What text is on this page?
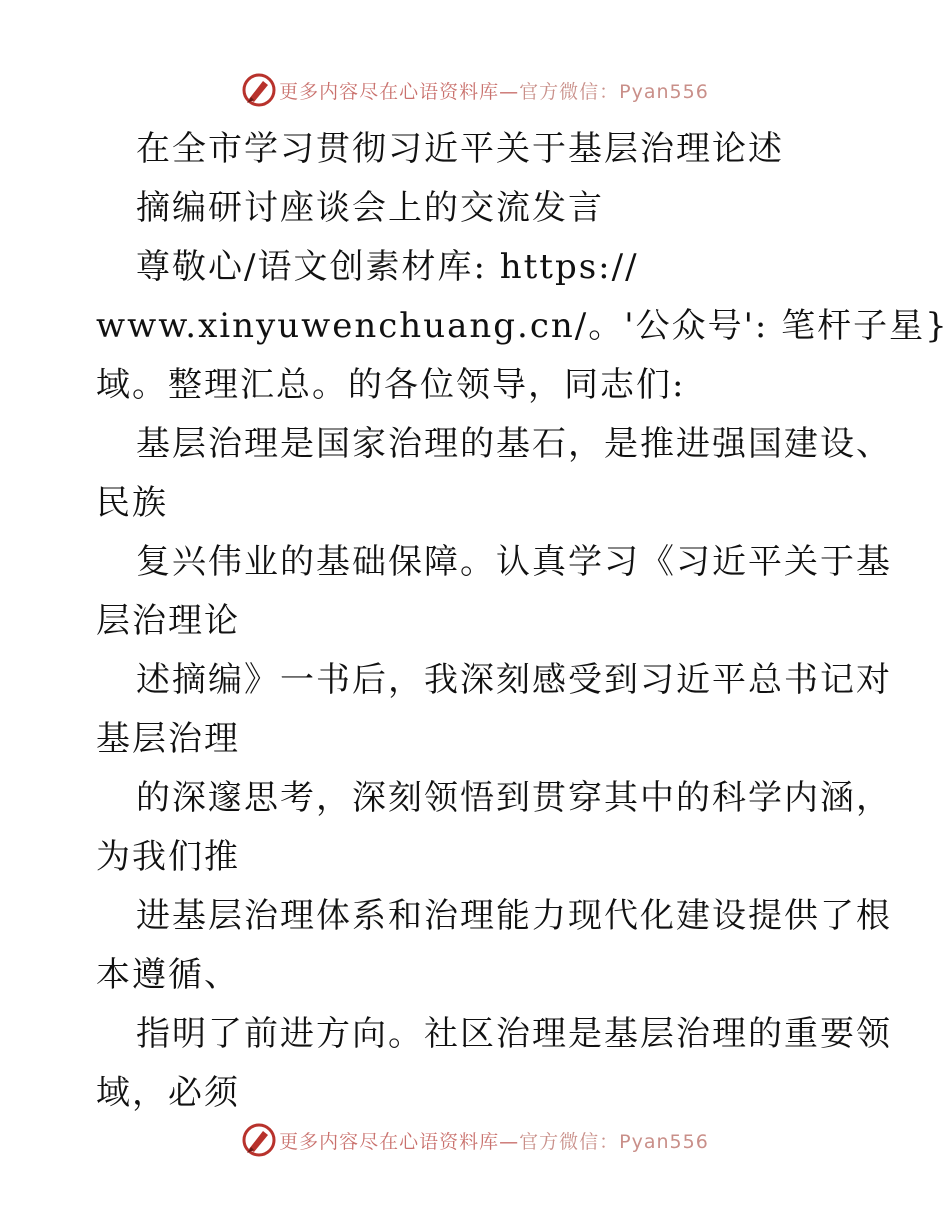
更多内容尽在心语资料库—官方微信：Pyan556
在全市学习贯彻习近平关于基层治理论述
摘编研讨座谈会上的交流发言
尊敬心/语文创素材库: https://
www.xinyuwenchuang.cn/。'公众号': 笔杆子星}
域。整理汇总。的各位领导，同志们:
基层治理是国家治理的基石，是推进强国建设、
民族
复兴伟业的基础保障。认真学习《习近平关于基
层治理论
述摘编》一书后，我深刻感受到习近平总书记对
基层治理
的深邃思考，深刻领悟到贯穿其中的科学内涵，
为我们推
进基层治理体系和治理能力现代化建设提供了根
本遵循、
指明了前进方向。社区治理是基层治理的重要领
域，必须
更多内容尽在心语资料库—官方微信：Pyan556
